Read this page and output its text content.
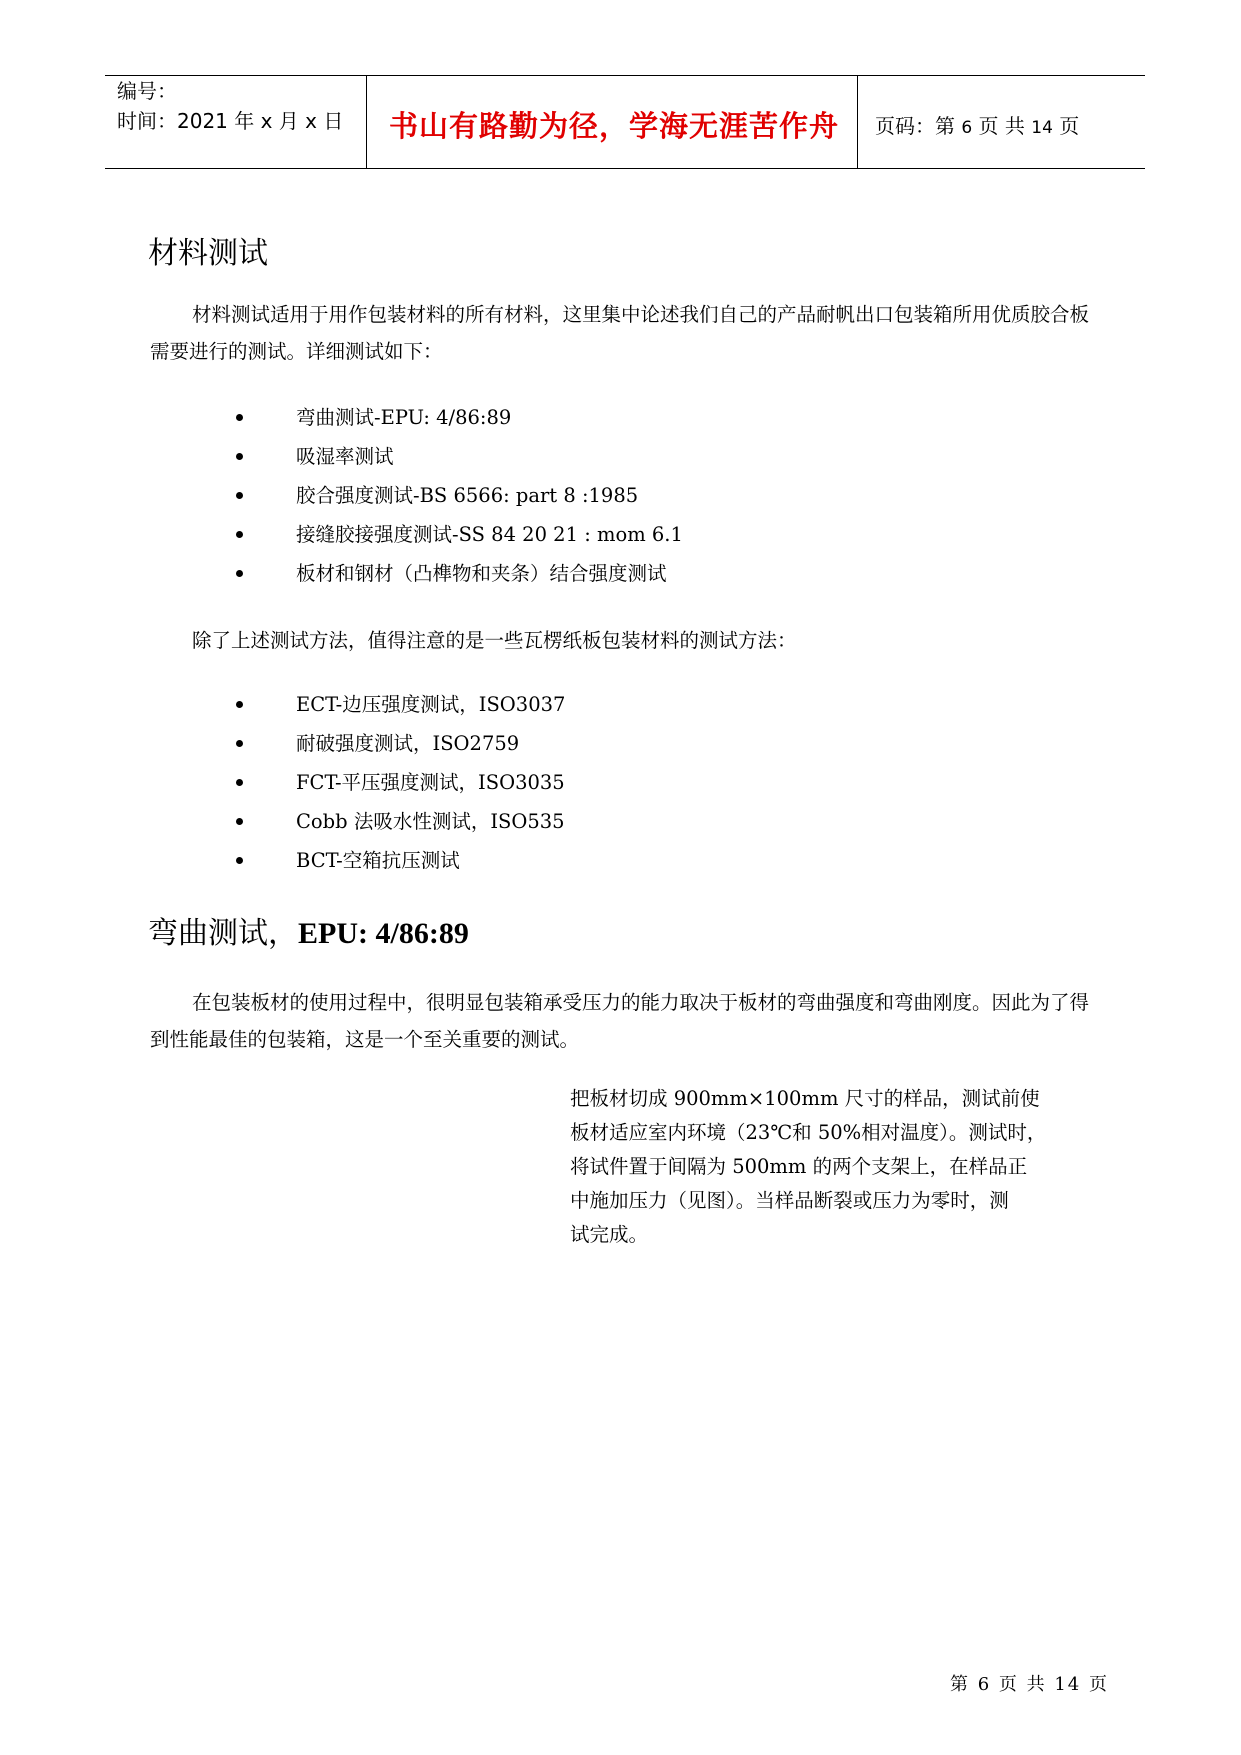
编号：
时间：2021 年 x 月 x 日	书山有路勤为径，学海无涯苦作舟	页码：第 6 页 共 14 页
材料测试
材料测试适用于用作包装材料的所有材料，这里集中论述我们自己的产品耐帆出口包装箱所用优质胶合板需要进行的测试。详细测试如下：
弯曲测试-EPU: 4/86:89
吸湿率测试
胶合强度测试-BS 6566: part 8 :1985
接缝胶接强度测试-SS 84 20 21 : mom 6.1
板材和钢材（凸榫物和夹条）结合强度测试
除了上述测试方法，值得注意的是一些瓦楞纸板包装材料的测试方法：
ECT-边压强度测试，ISO3037
耐破强度测试，ISO2759
FCT-平压强度测试，ISO3035
Cobb 法吸水性测试，ISO535
BCT-空箱抗压测试
弯曲测试，EPU: 4/86:89
在包装板材的使用过程中，很明显包装箱承受压力的能力取决于板材的弯曲强度和弯曲刚度。因此为了得到性能最佳的包装箱，这是一个至关重要的测试。
把板材切成 900mm×100mm 尺寸的样品，测试前使
板材适应室内环境（23℃和 50%相对温度）。测试时，
将试件置于间隔为 500mm 的两个支架上，在样品正
中施加压力（见图）。当样品断裂或压力为零时，测
试完成。
第 6 页 共 14 页
